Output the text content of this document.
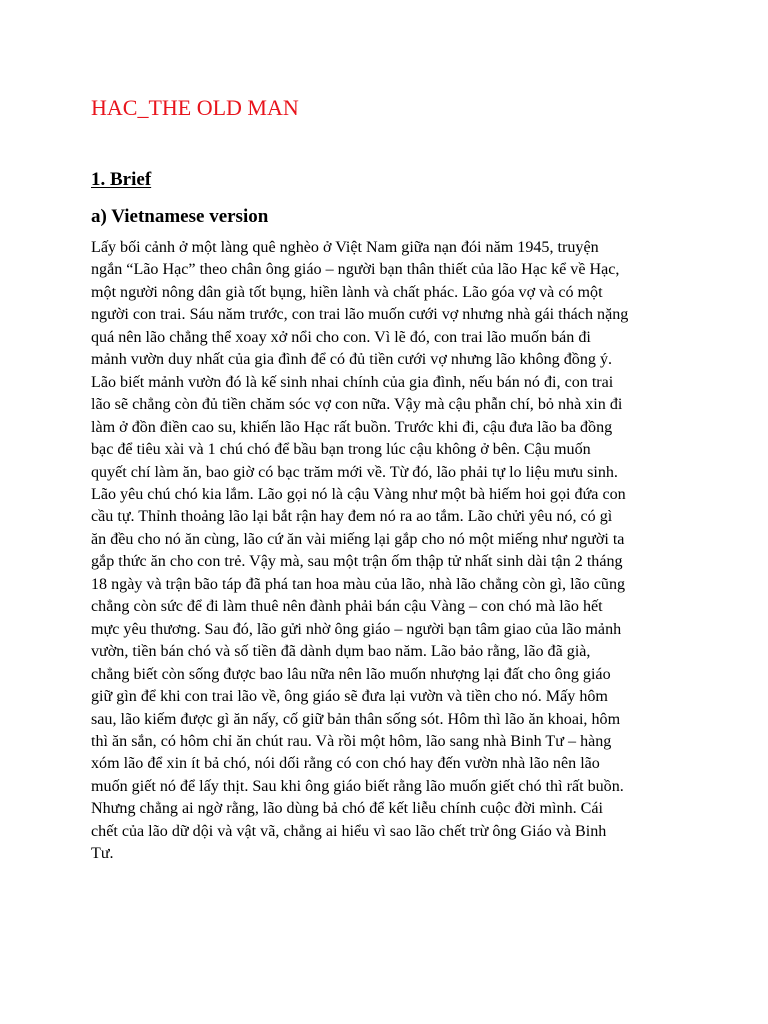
HAC_THE OLD MAN
1. Brief
a) Vietnamese version

Lấy bối cảnh ở một làng quê nghèo ở Việt Nam giữa nạn đói năm 1945, truyện
ngắn “Lão Hạc” theo chân ông giáo – người bạn thân thiết của lão Hạc kể về Hạc,
một người nông dân già tốt bụng, hiền lành và chất phác. Lão góa vợ và có một
người con trai. Sáu năm trước, con trai lão muốn cưới vợ nhưng nhà gái thách nặng
quá nên lão chẳng thể xoay xở nổi cho con. Vì lẽ đó, con trai lão muốn bán đi
mảnh vườn duy nhất của gia đình để có đủ tiền cưới vợ nhưng lão không đồng ý.
Lão biết mảnh vườn đó là kế sinh nhai chính của gia đình, nếu bán nó đi, con trai
lão sẽ chẳng còn đủ tiền chăm sóc vợ con nữa. Vậy mà cậu phẫn chí, bỏ nhà xin đi
làm ở đồn điền cao su, khiến lão Hạc rất buồn. Trước khi đi, cậu đưa lão ba đồng
bạc để tiêu xài và 1 chú chó để bầu bạn trong lúc cậu không ở bên. Cậu muốn
quyết chí làm ăn, bao giờ có bạc trăm mới về. Từ đó, lão phải tự lo liệu mưu sinh.
Lão yêu chú chó kia lắm. Lão gọi nó là cậu Vàng như một bà hiếm hoi gọi đứa con
cầu tự. Thỉnh thoảng lão lại bắt rận hay đem nó ra ao tắm. Lão chửi yêu nó, có gì
ăn đều cho nó ăn cùng, lão cứ ăn vài miếng lại gắp cho nó một miếng như người ta
gắp thức ăn cho con trẻ. Vậy mà, sau một trận ốm thập tử nhất sinh dài tận 2 tháng
18 ngày và trận bão táp đã phá tan hoa màu của lão, nhà lão chẳng còn gì, lão cũng
chẳng còn sức để đi làm thuê nên đành phải bán cậu Vàng – con chó mà lão hết
mực yêu thương. Sau đó, lão gửi nhờ ông giáo – người bạn tâm giao của lão mảnh
vườn, tiền bán chó và số tiền đã dành dụm bao năm. Lão bảo rằng, lão đã già,
chẳng biết còn sống được bao lâu nữa nên lão muốn nhượng lại đất cho ông giáo
giữ gìn để khi con trai lão về, ông giáo sẽ đưa lại vườn và tiền cho nó. Mấy hôm
sau, lão kiếm được gì ăn nấy, cố giữ bản thân sống sót. Hôm thì lão ăn khoai, hôm
thì ăn sắn, có hôm chỉ ăn chút rau. Và rồi một hôm, lão sang nhà Binh Tư – hàng
xóm lão để xin ít bả chó, nói dối rằng có con chó hay đến vườn nhà lão nên lão
muốn giết nó để lấy thịt. Sau khi ông giáo biết rằng lão muốn giết chó thì rất buồn.
Nhưng chẳng ai ngờ rằng, lão dùng bả chó để kết liễu chính cuộc đời mình. Cái
chết của lão dữ dội và vật vã, chẳng ai hiểu vì sao lão chết trừ ông Giáo và Binh
Tư.
